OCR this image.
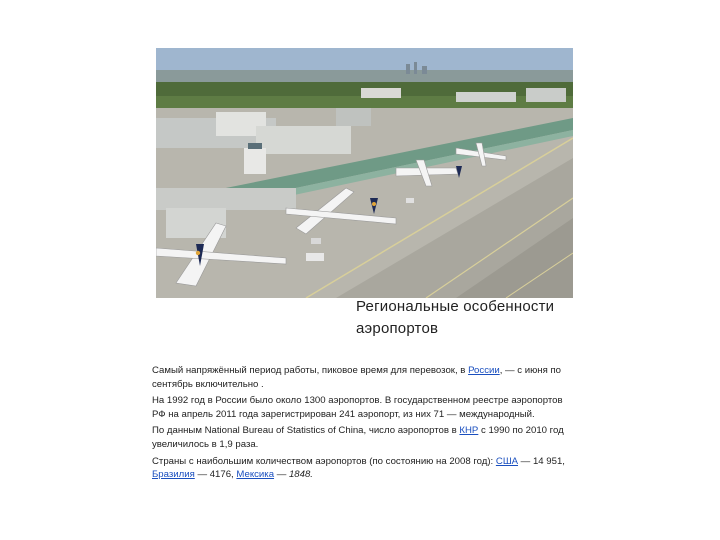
Региональные особенности
аэропортов

Самый напряжённый период работы, пиковое время для перевозок, в России, — с июня по сентябрь включительно .

На 1992 год в России было около 1300 аэропортов. В государственном реестре аэропортов РФ на апрель 2011 года зарегистрирован 241 аэропорт, из них 71 — международный.

По данным National Bureau of Statistics of China, число аэропортов в КНР с 1990 по 2010 год увеличилось в 1,9 раза.

Страны с наибольшим количеством аэропортов (по состоянию на 2008 год): США — 14 951, Бразилия — 4176, Мексика — 1848.
